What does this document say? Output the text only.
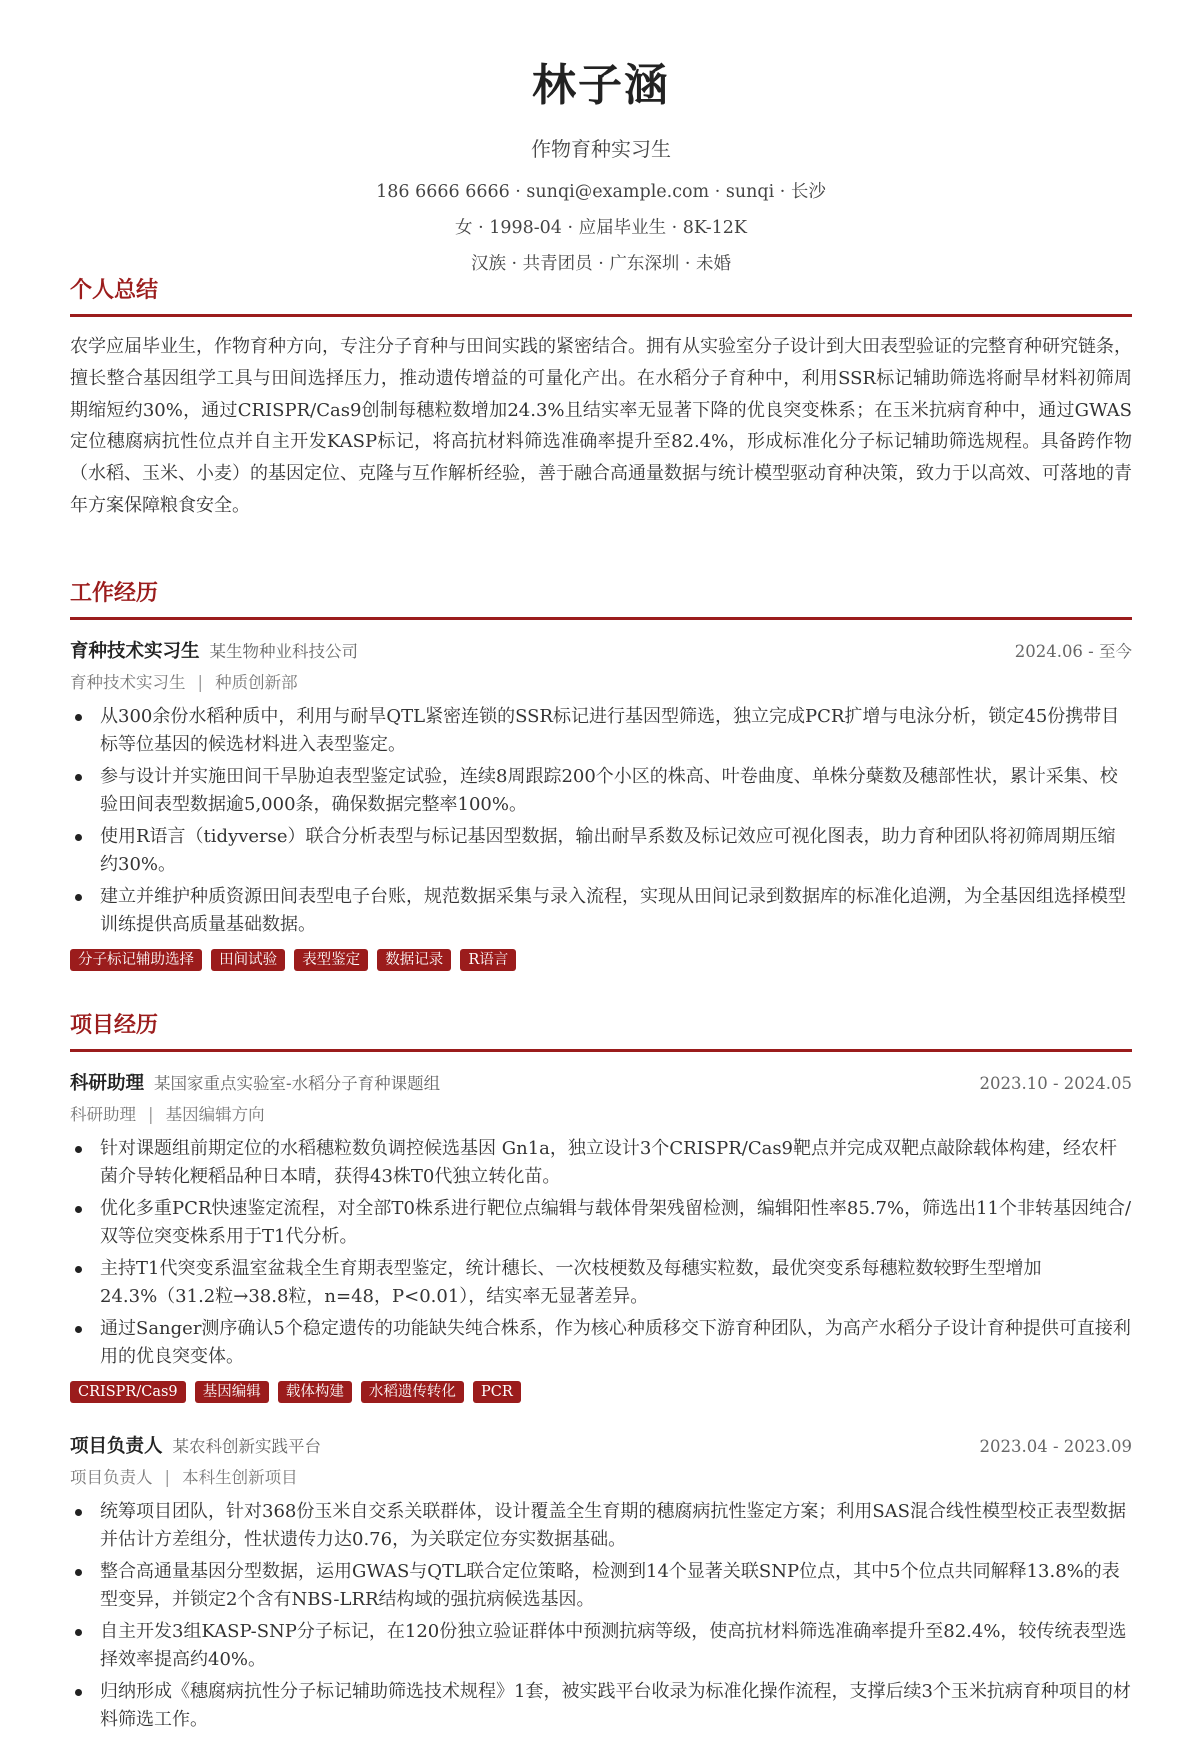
林子涵
作物育种实习生
186 6666 6666 · sunqi@example.com · sunqi · 长沙
女 · 1998-04 · 应届毕业生 · 8K-12K
汉族 · 共青团员 · 广东深圳 · 未婚
个人总结
农学应届毕业生，作物育种方向，专注分子育种与田间实践的紧密结合。拥有从实验室分子设计到大田表型验证的完整育种研究链条，擅长整合基因组学工具与田间选择压力，推动遗传增益的可量化产出。在水稻分子育种中，利用SSR标记辅助筛选将耐旱材料初筛周期缩短约30%，通过CRISPR/Cas9创制每穗粒数增加24.3%且结实率无显著下降的优良突变株系；在玉米抗病育种中，通过GWAS定位穗腐病抗性位点并自主开发KASP标记，将高抗材料筛选准确率提升至82.4%，形成标准化分子标记辅助筛选规程。具备跨作物（水稻、玉米、小麦）的基因定位、克隆与互作解析经验，善于融合高通量数据与统计模型驱动育种决策，致力于以高效、可落地的青年方案保障粮食安全。
工作经历
育种技术实习生 某生物种业科技公司	2024.06 - 至今
育种技术实习生 | 种质创新部
从300余份水稻种质中，利用与耐旱QTL紧密连锁的SSR标记进行基因型筛选，独立完成PCR扩增与电泳分析，锁定45份携带目标等位基因的候选材料进入表型鉴定。
参与设计并实施田间干旱胁迫表型鉴定试验，连续8周跟踪200个小区的株高、叶卷曲度、单株分蘖数及穗部性状，累计采集、校验田间表型数据逾5,000条，确保数据完整率100%。
使用R语言（tidyverse）联合分析表型与标记基因型数据，输出耐旱系数及标记效应可视化图表，助力育种团队将初筛周期压缩约30%。
建立并维护种质资源田间表型电子台账，规范数据采集与录入流程，实现从田间记录到数据库的标准化追溯，为全基因组选择模型训练提供高质量基础数据。
分子标记辅助选择 田间试验 表型鉴定 数据记录 R语言
项目经历
科研助理 某国家重点实验室-水稻分子育种课题组	2023.10 - 2024.05
科研助理 | 基因编辑方向
针对课题组前期定位的水稻穗粒数负调控候选基因 Gn1a，独立设计3个CRISPR/Cas9靶点并完成双靶点敲除载体构建，经农杆菌介导转化粳稻品种日本晴，获得43株T0代独立转化苗。
优化多重PCR快速鉴定流程，对全部T0株系进行靶位点编辑与载体骨架残留检测，编辑阳性率85.7%，筛选出11个非转基因纯合/双等位突变株系用于T1代分析。
主持T1代突变系温室盆栽全生育期表型鉴定，统计穗长、一次枝梗数及每穗实粒数，最优突变系每穗粒数较野生型增加24.3%（31.2粒→38.8粒，n=48，P<0.01），结实率无显著差异。
通过Sanger测序确认5个稳定遗传的功能缺失纯合株系，作为核心种质移交下游育种团队，为高产水稻分子设计育种提供可直接利用的优良突变体。
CRISPR/Cas9 基因编辑 载体构建 水稻遗传转化 PCR
项目负责人 某农科创新实践平台	2023.04 - 2023.09
项目负责人 | 本科生创新项目
统筹项目团队，针对368份玉米自交系关联群体，设计覆盖全生育期的穗腐病抗性鉴定方案；利用SAS混合线性模型校正表型数据并估计方差组分，性状遗传力达0.76，为关联定位夯实数据基础。
整合高通量基因分型数据，运用GWAS与QTL联合定位策略，检测到14个显著关联SNP位点，其中5个位点共同解释13.8%的表型变异，并锁定2个含有NBS-LRR结构域的强抗病候选基因。
自主开发3组KASP-SNP分子标记，在120份独立验证群体中预测抗病等级，使高抗材料筛选准确率提升至82.4%，较传统表型选择效率提高约40%。
归纳形成《穗腐病抗性分子标记辅助筛选技术规程》1套，被实践平台收录为标准化操作流程，支撑后续3个玉米抗病育种项目的材料筛选工作。
